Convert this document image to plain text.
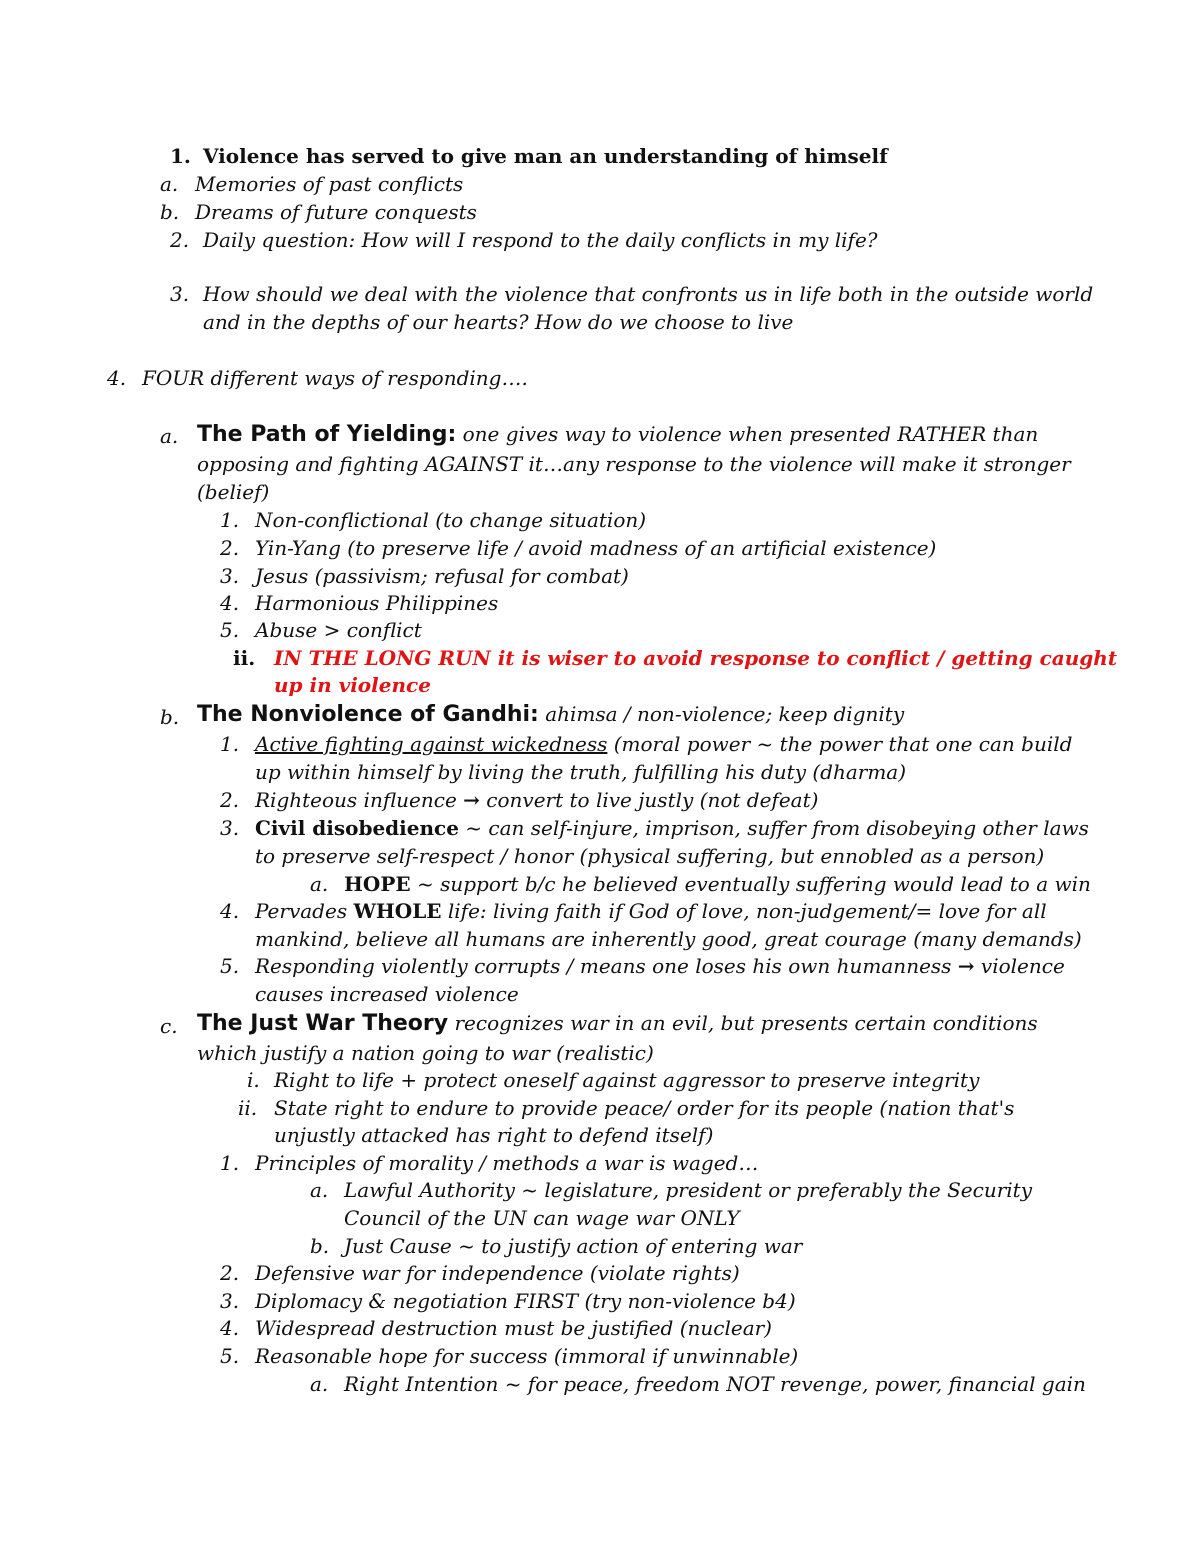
1. Violence has served to give man an understanding of himself
a. Memories of past conflicts
b. Dreams of future conquests
2. Daily question: How will I respond to the daily conflicts in my life?
3. How should we deal with the violence that confronts us in life both in the outside world
and in the depths of our hearts? How do we choose to live
4. FOUR different ways of responding….
a. The Path of Yielding: one gives way to violence when presented RATHER than
opposing and fighting AGAINST it…any response to the violence will make it stronger
(belief)
1. Non-conflictional (to change situation)
2. Yin-Yang (to preserve life / avoid madness of an artificial existence)
3. Jesus (passivism; refusal for combat)
4. Harmonious Philippines
5. Abuse > conflict
ii. IN THE LONG RUN it is wiser to avoid response to conflict / getting caught
up in violence
b. The Nonviolence of Gandhi: ahimsa / non-violence; keep dignity
1. Active fighting against wickedness (moral power ~ the power that one can build
up within himself by living the truth, fulfilling his duty (dharma)
2. Righteous influence → convert to live justly (not defeat)
3. Civil disobedience ~ can self-injure, imprison, suffer from disobeying other laws
to preserve self-respect / honor (physical suffering, but ennobled as a person)
a. HOPE ~ support b/c he believed eventually suffering would lead to a win
4. Pervades WHOLE life: living faith if God of love, non-judgement/= love for all
mankind, believe all humans are inherently good, great courage (many demands)
5. Responding violently corrupts / means one loses his own humanness → violence
causes increased violence
c. The Just War Theory recognizes war in an evil, but presents certain conditions
which justify a nation going to war (realistic)
i. Right to life + protect oneself against aggressor to preserve integrity
ii. State right to endure to provide peace/ order for its people (nation that's
unjustly attacked has right to defend itself)
1. Principles of morality / methods a war is waged…
a. Lawful Authority ~ legislature, president or preferably the Security
Council of the UN can wage war ONLY
b. Just Cause ~ to justify action of entering war
2. Defensive war for independence (violate rights)
3. Diplomacy & negotiation FIRST (try non-violence b4)
4. Widespread destruction must be justified (nuclear)
5. Reasonable hope for success (immoral if unwinnable)
a. Right Intention ~ for peace, freedom NOT revenge, power, financial gain
